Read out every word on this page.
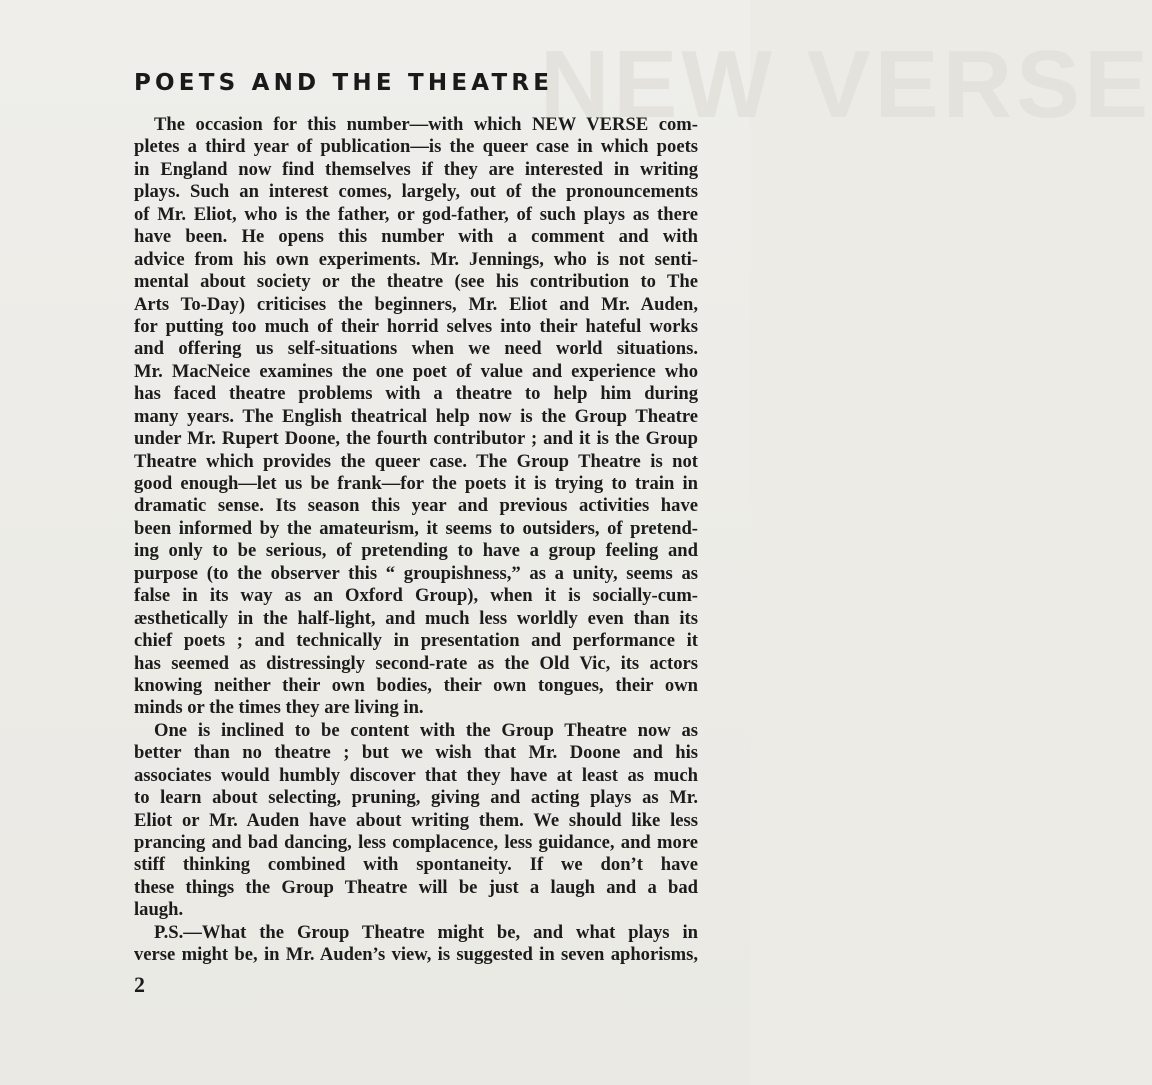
NEW VERSE
POETS AND THE THEATRE
The occasion for this number—with which NEW VERSE com-
pletes a third year of publication—is the queer case in which poets
in England now find themselves if they are interested in writing
plays. Such an interest comes, largely, out of the pronouncements
of Mr. Eliot, who is the father, or god-father, of such plays as there
have been. He opens this number with a comment and with
advice from his own experiments. Mr. Jennings, who is not senti-
mental about society or the theatre (see his contribution to The
Arts To-Day) criticises the beginners, Mr. Eliot and Mr. Auden,
for putting too much of their horrid selves into their hateful works
and offering us self-situations when we need world situations.
Mr. MacNeice examines the one poet of value and experience who
has faced theatre problems with a theatre to help him during
many years. The English theatrical help now is the Group Theatre
under Mr. Rupert Doone, the fourth contributor ; and it is the Group
Theatre which provides the queer case. The Group Theatre is not
good enough—let us be frank—for the poets it is trying to train in
dramatic sense. Its season this year and previous activities have
been informed by the amateurism, it seems to outsiders, of pretend-
ing only to be serious, of pretending to have a group feeling and
purpose (to the observer this “ groupishness,” as a unity, seems as
false in its way as an Oxford Group), when it is socially-cum-
æsthetically in the half-light, and much less worldly even than its
chief poets ; and technically in presentation and performance it
has seemed as distressingly second-rate as the Old Vic, its actors
knowing neither their own bodies, their own tongues, their own
minds or the times they are living in.
One is inclined to be content with the Group Theatre now as
better than no theatre ; but we wish that Mr. Doone and his
associates would humbly discover that they have at least as much
to learn about selecting, pruning, giving and acting plays as Mr.
Eliot or Mr. Auden have about writing them. We should like less
prancing and bad dancing, less complacence, less guidance, and more
stiff thinking combined with spontaneity. If we don’t have
these things the Group Theatre will be just a laugh and a bad
laugh.
P.S.—What the Group Theatre might be, and what plays in
verse might be, in Mr. Auden’s view, is suggested in seven aphorisms,
2
